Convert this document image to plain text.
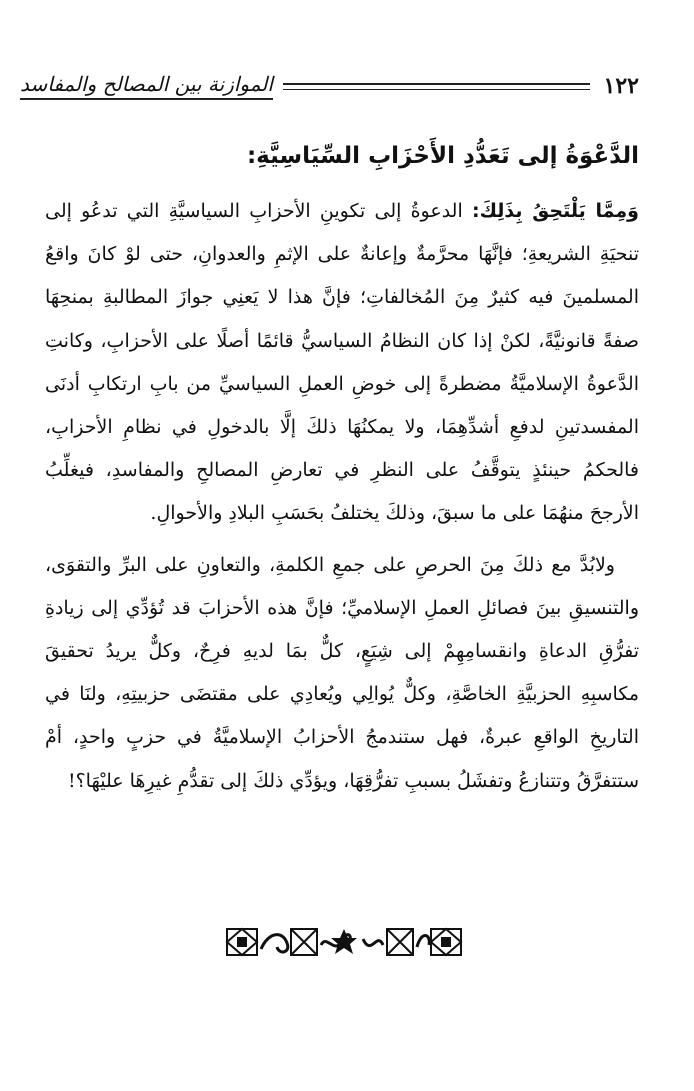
١٢٢
الموازنة بين المصالح والمفاسد
الدَّعْوَةُ إلى تَعَدُّدِ الأَحْزَابِ السِّيَاسِيَّةِ:

وَمِمَّا يَلْتَحِقُ بِذَلِكَ: الدعوةُ إلى تكوينِ الأحزابِ السياسيَّةِ التي تدعُو إلى تنحيَةِ الشريعةِ؛ فإنَّهَا محرَّمةٌ وإعانةٌ على الإثمِ والعدوانِ، حتى لوْ كانَ واقعُ المسلمينَ فيه كثيرٌ مِنَ المُخالفاتِ؛ فإنَّ هذا لا يَعنِي جوازَ المطالبةِ بمنحِهَا صفةً قانونيَّةً، لكنْ إذا كان النظامُ السياسيُّ قائمًا أصلًا على الأحزابِ، وكانتِ الدَّعوةُ الإسلاميَّةُ مضطرةً إلى خوضِ العملِ السياسيِّ من بابِ ارتكابِ أدنَى المفسدتينِ لدفعِ أشدِّهِمَا، ولا يمكنُهَا ذلكَ إلَّا بالدخولِ في نظامِ الأحزابِ، فالحكمُ حينئذٍ يتوقَّفُ على النظرِ في تعارضِ المصالحِ والمفاسدِ، فيغلِّبُ الأرجحَ منهُمَا على ما سبقَ، وذلكَ يختلفُ بحَسَبِ البلادِ والأحوالِ.

ولابُدَّ مع ذلكَ مِنَ الحرصِ على جمعِ الكلمةِ، والتعاونِ على البرِّ والتقوَى، والتنسيقِ بينَ فصائلِ العملِ الإسلاميِّ؛ فإنَّ هذه الأحزابَ قد تُؤدِّي إلى زيادةِ تفرُّقِ الدعاةِ وانقسامِهِمْ إلى شِيَعٍ، كلٌّ بمَا لديهِ فرِحٌ، وكلٌّ يريدُ تحقيقَ مكاسبِهِ الحزبيَّةِ الخاصَّةِ، وكلٌّ يُوالِي ويُعادِي على مقتضَى حزبيتِهِ، ولنَا في التاريخِ الواقعِ عبرةٌ، فهل ستندمجُ الأحزابُ الإسلاميَّةُ في حزبٍ واحدٍ، أمْ ستتفرَّقُ وتتنازعُ وتفشَلُ بسببِ تفرُّقِهَا، ويؤدِّي ذلكَ إلى تقدُّمِ غيرِهَا عليْهَا؟!
